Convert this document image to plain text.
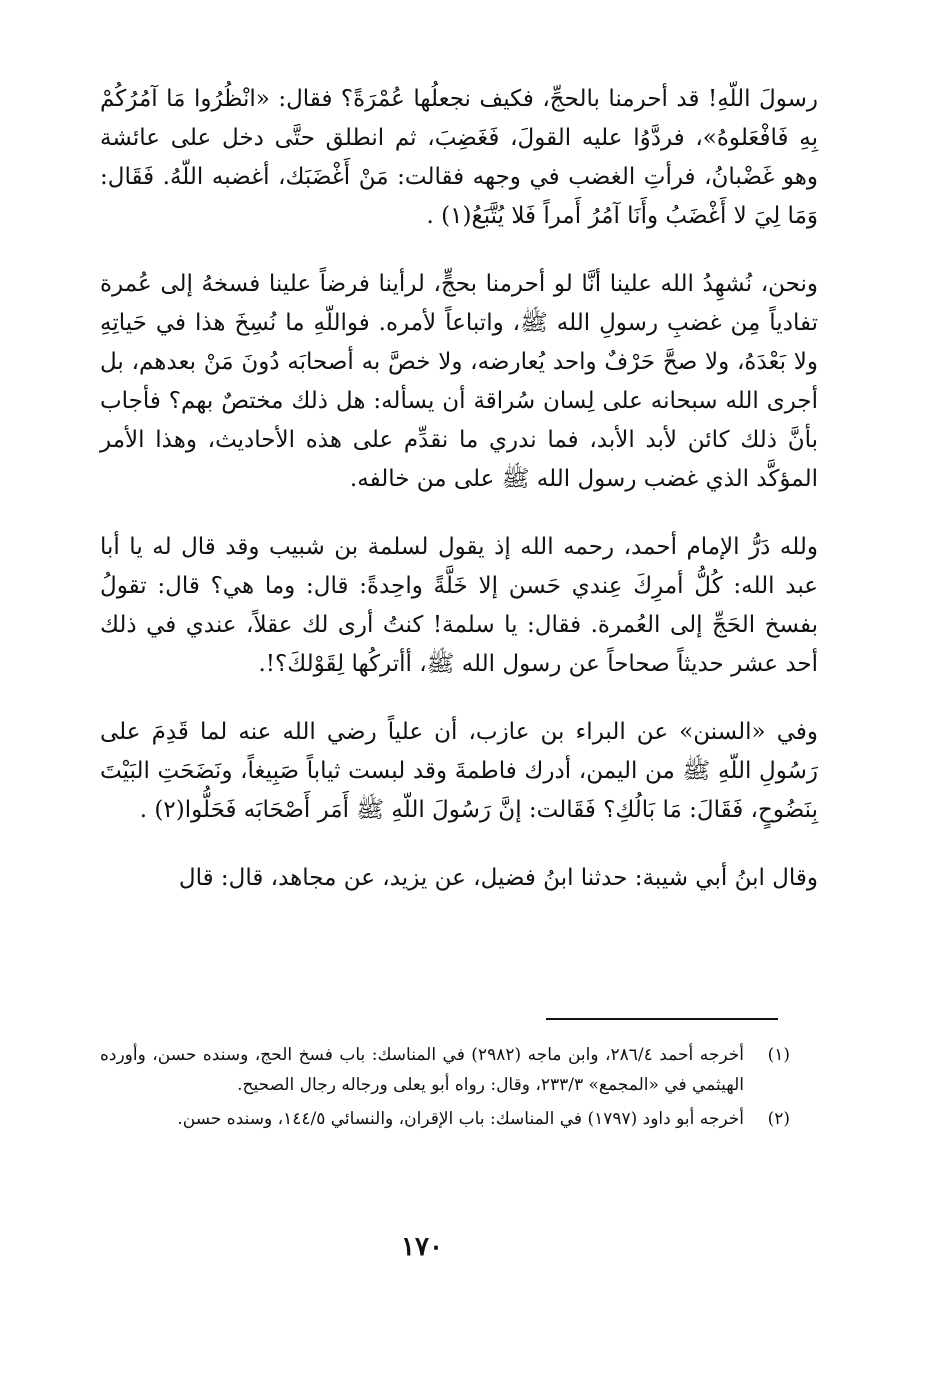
رسولَ اللّهِ! قد أحرمنا بالحجِّ، فكيف نجعلُها عُمْرَةً؟ فقال: «انْظُرُوا مَا آمُرُكُمْ بِهِ فَافْعَلوهُ»، فردَّوُا عليه القولَ، فَغَضِبَ، ثم انطلق حتَّى دخل على عائشة وهو غَضْبانُ، فرأتِ الغضب في وجهه فقالت: مَنْ أَغْضَبَك، أغضبه اللّهُ. فَقَال: وَمَا لِيَ لا أَغْضَبُ وأَنَا آمُرُ أَمراً فَلا يُتَّبَعُ(١) .

ونحن، نُشهِدُ الله علينا أنَّا لو أحرمنا بحجٍّ، لرأينا فرضاً علينا فسخهُ إلى عُمرة تفادياً مِن غضبِ رسولِ الله ﷺ، واتباعاً لأمره. فواللّهِ ما نُسِخَ هذا في حَياتِهِ ولا بَعْدَهُ، ولا صحَّ حَرْفٌ واحد يُعارضه، ولا خصَّ به أصحابَه دُونَ مَنْ بعدهم، بل أجرى الله سبحانه على لِسان سُراقة أن يسأله: هل ذلك مختصٌ بهم؟ فأجاب بأنَّ ذلك كائن لأبد الأبد، فما ندري ما نقدِّم على هذه الأحاديث، وهذا الأمر المؤكَّد الذي غضب رسول الله ﷺ على من خالفه.

ولله دَرُّ الإمام أحمد، رحمه الله إذ يقول لسلمة بن شبيب وقد قال له يا أبا عبد الله: كُلُّ أمرِكَ عِندي حَسن إلا خَلَّةً واحِدةً: قال: وما هي؟ قال: تقولُ بفسخ الحَجِّ إلى العُمرة. فقال: يا سلمة! كنتُ أرى لك عقلاً، عندي في ذلك أحد عشر حديثاً صحاحاً عن رسول الله ﷺ، أأتركُها لِقَوْلكَ؟!.

وفي «السنن» عن البراء بن عازب، أن علياً رضي الله عنه لما قَدِمَ على رَسُولِ اللّهِ ﷺ من اليمن، أدرك فاطمةَ وقد لبست ثياباً صَبِيغاً، ونَضَحَتِ البَيْتَ بِنَضُوحٍ، فَقَالَ: مَا بَالُكِ؟ فَقَالت: إنَّ رَسُولَ اللّهِ ﷺ أَمَر أَصْحَابَه فَحَلُّوا(٢) .

وقال ابنُ أبي شيبة: حدثنا ابنُ فضيل، عن يزيد، عن مجاهد، قال: قال

(١)
أخرجه أحمد ٢٨٦/٤، وابن ماجه (٢٩٨٢) في المناسك: باب فسخ الحج، وسنده حسن، وأورده الهيثمي في «المجمع» ٢٣٣/٣، وقال: رواه أبو يعلى ورجاله رجال الصحيح.
(٢)
أخرجه أبو داود (١٧٩٧) في المناسك: باب الإقران، والنسائي ١٤٤/٥، وسنده حسن.
١٧٠
